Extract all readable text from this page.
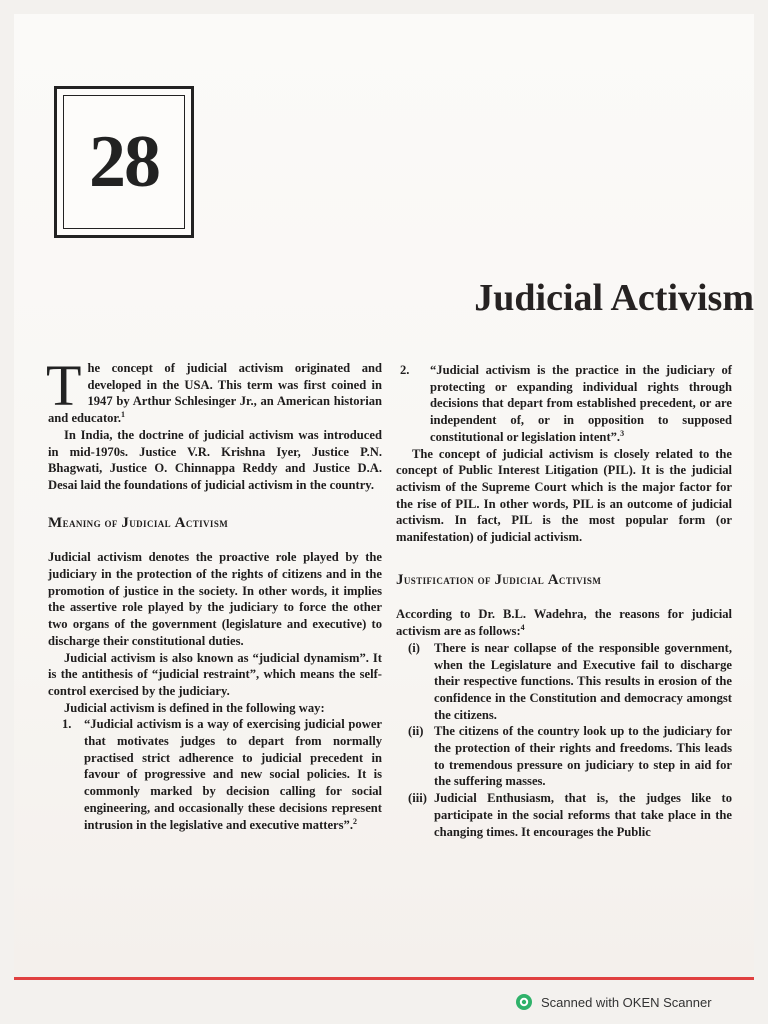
28
Judicial Activism

The concept of judicial activism originated and developed in the USA. This term was first coined in 1947 by Arthur Schlesinger Jr., an American historian and educator.$^1$

In India, the doctrine of judicial activism was introduced in mid-1970s. Justice V.R. Krishna Iyer, Justice P.N. Bhagwati, Justice O. Chinnappa Reddy and Justice D.A. Desai laid the foundations of judicial activism in the country.

Meaning of Judicial Activism

Judicial activism denotes the proactive role played by the judiciary in the protection of the rights of citizens and in the promotion of justice in the society. In other words, it implies the assertive role played by the judiciary to force the other two organs of the government (legislature and executive) to discharge their constitutional duties.

Judicial activism is also known as “judicial dynamism”. It is the antithesis of “judicial restraint”, which means the self-control exercised by the judiciary.

Judicial activism is defined in the following way:

1. “Judicial activism is a way of exercising judicial power that motivates judges to depart from normally practised strict adherence to judicial precedent in favour of progressive and new social policies. It is commonly marked by decision calling for social engineering, and occasionally these decisions represent intrusion in the legislative and executive matters”.$^2$
2.	“Judicial activism is the practice in the judiciary of protecting or expanding individual rights through decisions that depart from established precedent, or are independent of, or in opposition to supposed constitutional or legislation intent”.$^3$

The concept of judicial activism is closely related to the concept of Public Interest Litigation (PIL). It is the judicial activism of the Supreme Court which is the major factor for the rise of PIL. In other words, PIL is an outcome of judicial activism. In fact, PIL is the most popular form (or manifestation) of judicial activism.

Justification of Judicial Activism

According to Dr. B.L. Wadehra, the reasons for judicial activism are as follows:$^4$

(i)	There is near collapse of the responsible government, when the Legislature and Executive fail to discharge their respective functions. This results in erosion of the confidence in the Constitution and democracy amongst the citizens.
(ii) The citizens of the country look up to the judiciary for the protection of their rights and freedoms. This leads to tremendous pressure on judiciary to step in aid for the suffering masses.
(iii) Judicial Enthusiasm, that is, the judges like to participate in the social reforms that take place in the changing times. It encourages the Public
Scanned with OKEN Scanner
